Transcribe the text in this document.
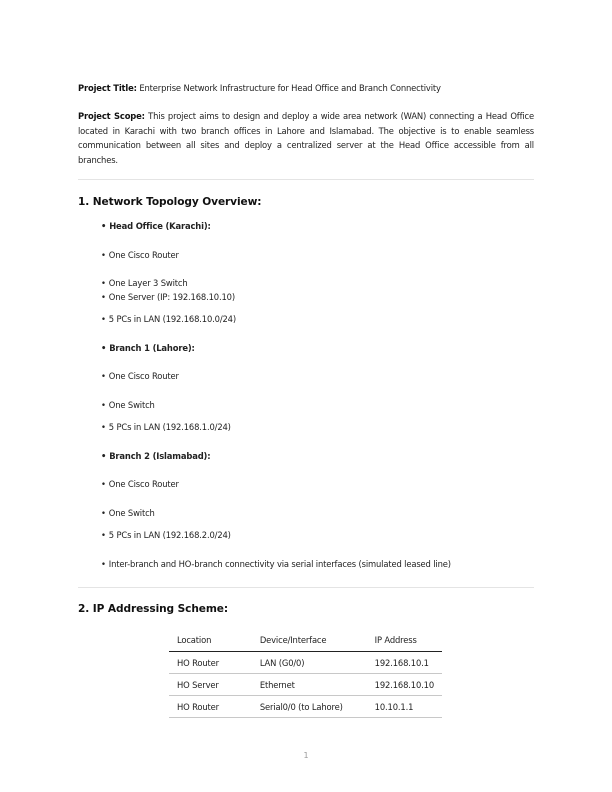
Project Title: Enterprise Network Infrastructure for Head Office and Branch Connectivity
Project Scope: This project aims to design and deploy a wide area network (WAN) connecting a Head Office located in Karachi with two branch offices in Lahore and Islamabad. The objective is to enable seamless communication between all sites and deploy a centralized server at the Head Office accessible from all branches.
1. Network Topology Overview:
• Head Office (Karachi):
• One Cisco Router
• One Layer 3 Switch
• One Server (IP: 192.168.10.10)
• 5 PCs in LAN (192.168.10.0/24)
• Branch 1 (Lahore):
• One Cisco Router
• One Switch
• 5 PCs in LAN (192.168.1.0/24)
• Branch 2 (Islamabad):
• One Cisco Router
• One Switch
• 5 PCs in LAN (192.168.2.0/24)
• Inter-branch and HO-branch connectivity via serial interfaces (simulated leased line)
2. IP Addressing Scheme:
Location	Device/Interface	IP Address
HO Router	LAN (G0/0)	192.168.10.1
HO Server	Ethernet	192.168.10.10
HO Router	Serial0/0 (to Lahore)	10.10.1.1
1
